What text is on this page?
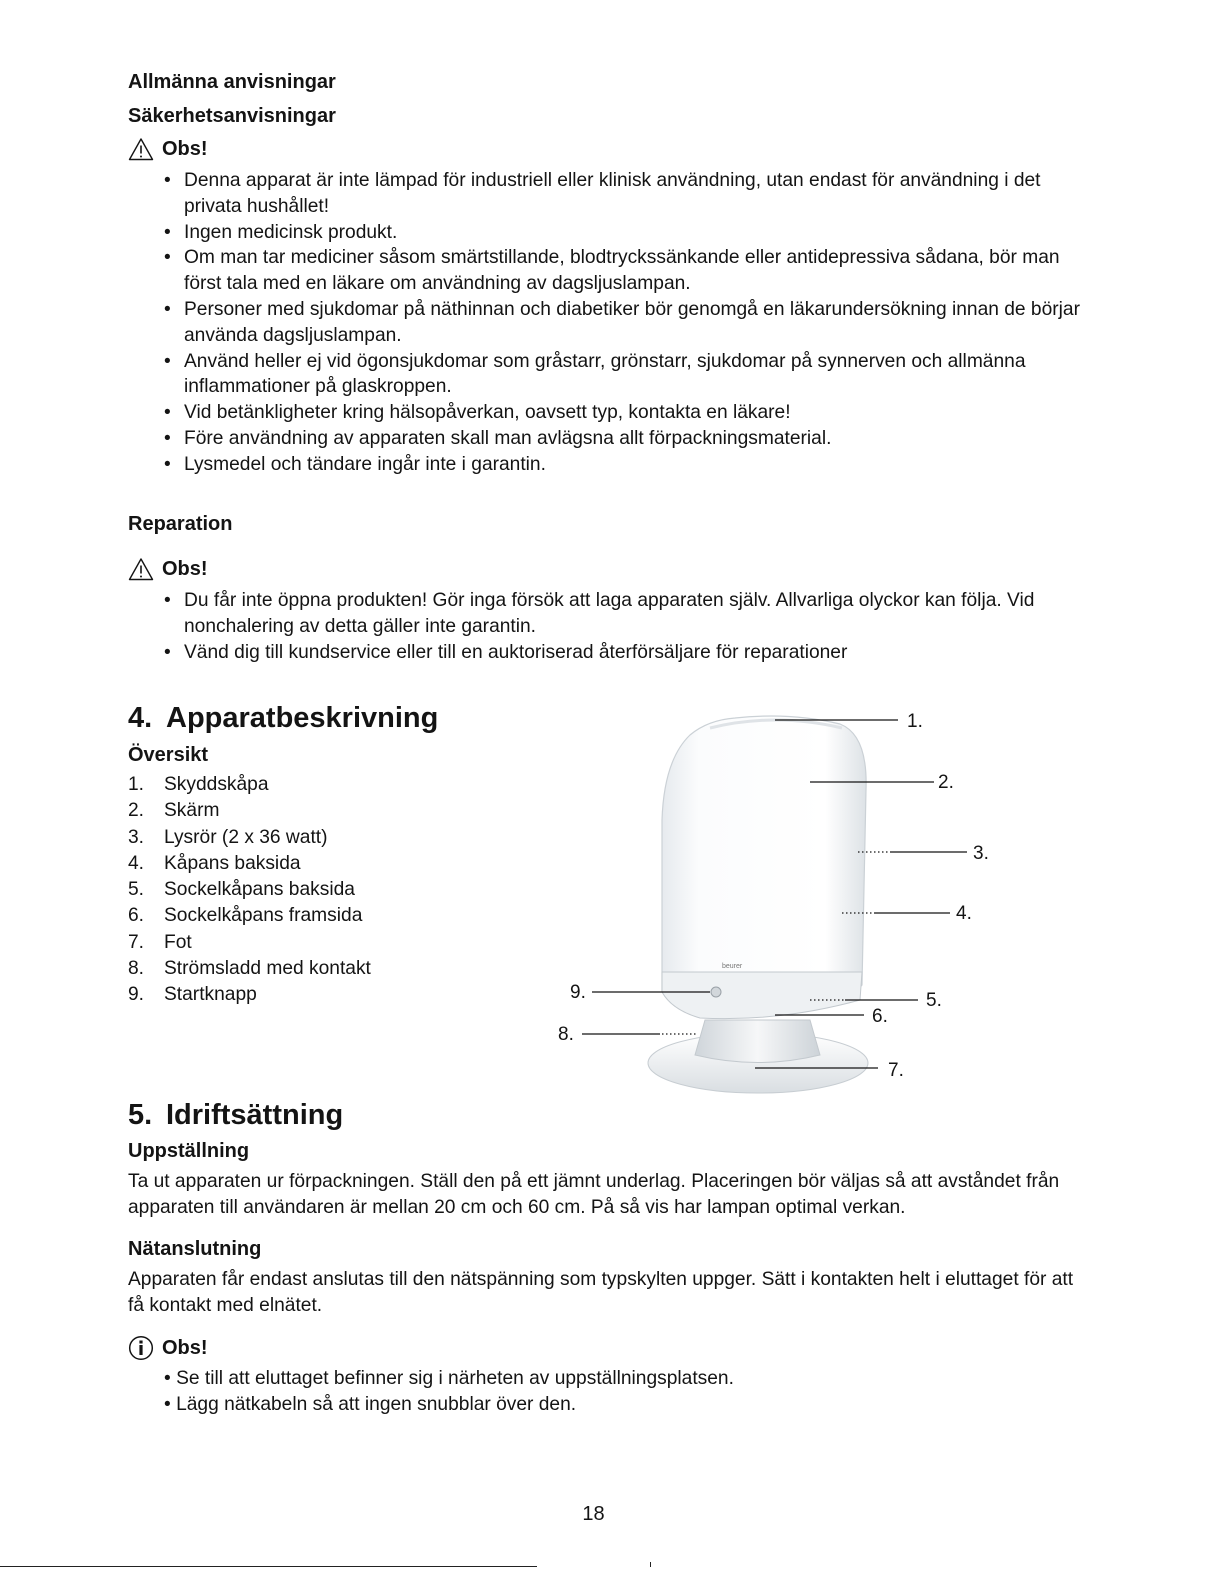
Allmänna anvisningar
Säkerhetsanvisningar
Obs!
• Denna apparat är inte lämpad för industriell eller klinisk användning, utan endast för användning i det privata hushållet!
• Ingen medicinsk produkt.
• Om man tar mediciner såsom smärtstillande, blodtryckssänkande eller antidepressiva sådana, bör man först tala med en läkare om användning av dagsljuslampan.
• Personer med sjukdomar på näthinnan och diabetiker bör genomgå en läkarundersökning innan de börjar använda dagsljuslampan.
• Använd heller ej vid ögonsjukdomar som gråstarr, grönstarr, sjukdomar på synnerven och allmänna inflammationer på glaskroppen.
• Vid betänkligheter kring hälsopåverkan, oavsett typ, kontakta en läkare!
• Före användning av apparaten skall man avlägsna allt förpackningsmaterial.
• Lysmedel och tändare ingår inte i garantin.
Reparation
Obs!
• Du får inte öppna produkten! Gör inga försök att laga apparaten själv. Allvarliga olyckor kan följa. Vid nonchalering av detta gäller inte garantin.
• Vänd dig till kundservice eller till en auktoriserad återförsäljare för reparationer
4. Apparatbeskrivning
Översikt
1.	Skyddskåpa
2.	Skärm
3.	Lysrör (2 x 36 watt)
4.	Kåpans baksida
5.	Sockelkåpans baksida
6.	Sockelkåpans framsida
7.	Fot
8.	Strömsladd med kontakt
9.	Startknapp
beurer
1.
2.
3.
4.
5.
6.
7.
8.
9.
5. Idriftsättning
Uppställning

Ta ut apparaten ur förpackningen. Ställ den på ett jämnt underlag. Placeringen bör väljas så att avståndet från apparaten till användaren är mellan 20 cm och 60 cm. På så vis har lampan optimal verkan.

Nätanslutning

Apparaten får endast anslutas till den nätspänning som typskylten uppger. Sätt i kontakten helt i eluttaget för att få kontakt med elnätet.

Obs!
• Se till att eluttaget befinner sig i närheten av uppställningsplatsen.
• Lägg nätkabeln så att ingen snubblar över den.
18
